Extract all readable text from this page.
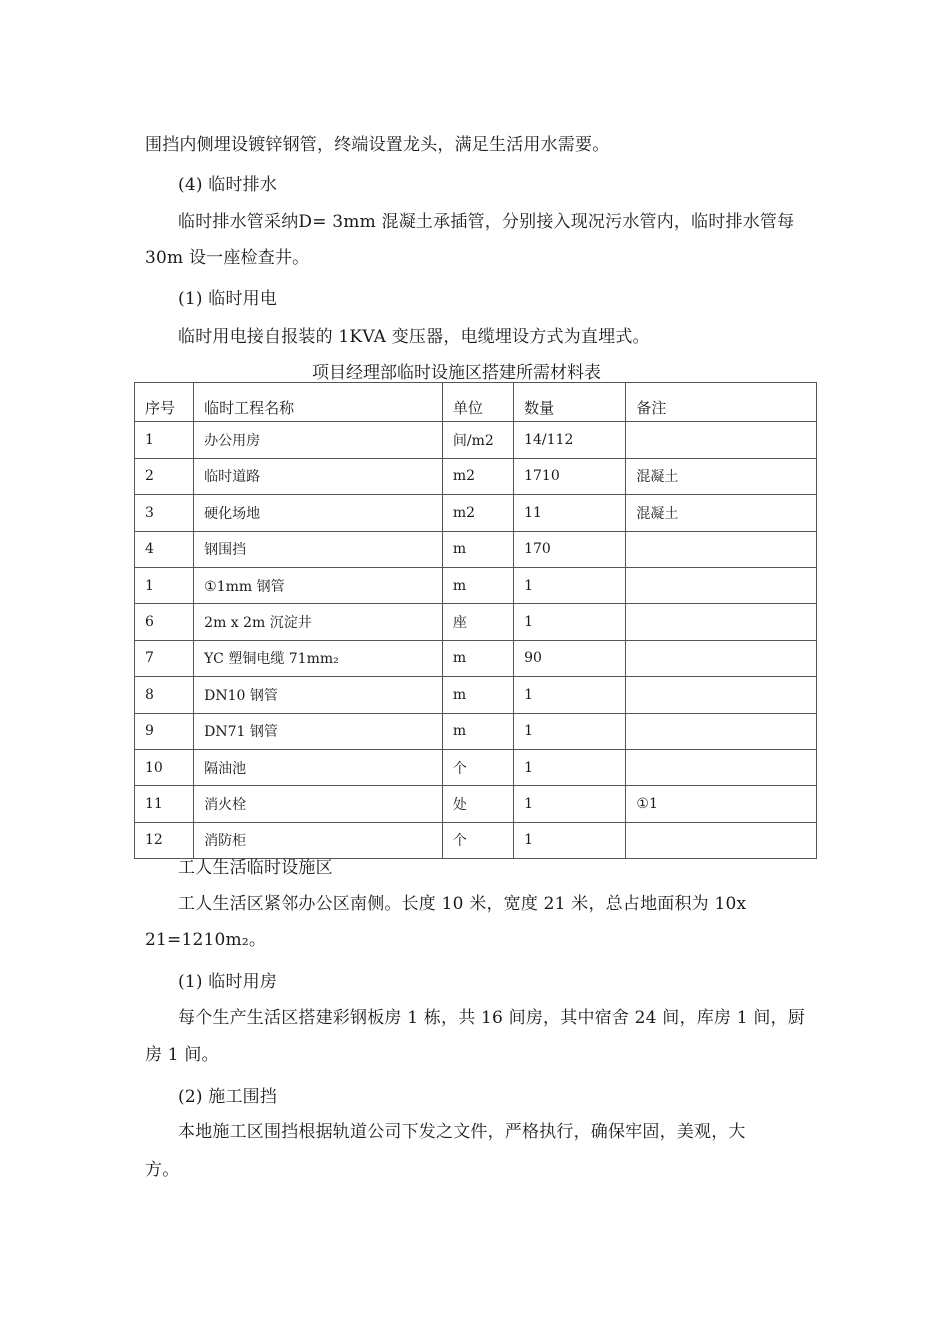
围挡内侧埋设镀锌钢管，终端设置龙头，满足生活用水需要。
(4) 临时排水
临时排水管采纳D= 3mm 混凝土承插管，分别接入现况污水管内，临时排水管每
30m 设一座检查井。
(1) 临时用电
临时用电接自报装的 1KVA 变压器，电缆埋设方式为直埋式。
项目经理部临时设施区搭建所需材料表
序号	临时工程名称	单位	数量	备注
1	办公用房	间/m2	14/112	
2	临时道路	m2	1710	混凝土
3	硬化场地	m2	11	混凝土
4	钢围挡	m	170	
1	①1mm 钢管	m	1	
6	2m x 2m 沉淀井	座	1	
7	YC 塑铜电缆 71mm₂	m	90	
8	DN10 钢管	m	1	
9	DN71 钢管	m	1	
10	隔油池	个	1	
11	消火栓	处	1	①1
12	消防柜	个	1	
工人生活临时设施区
工人生活区紧邻办公区南侧。长度 10 米，宽度 21 米，总占地面积为 10x
21=1210m₂。
(1) 临时用房
每个生产生活区搭建彩钢板房 1 栋，共 16 间房，其中宿舍 24 间，库房 1 间，厨
房 1 间。
(2) 施工围挡
本地施工区围挡根据轨道公司下发之文件，严格执行，确保牢固，美观，大
方。
